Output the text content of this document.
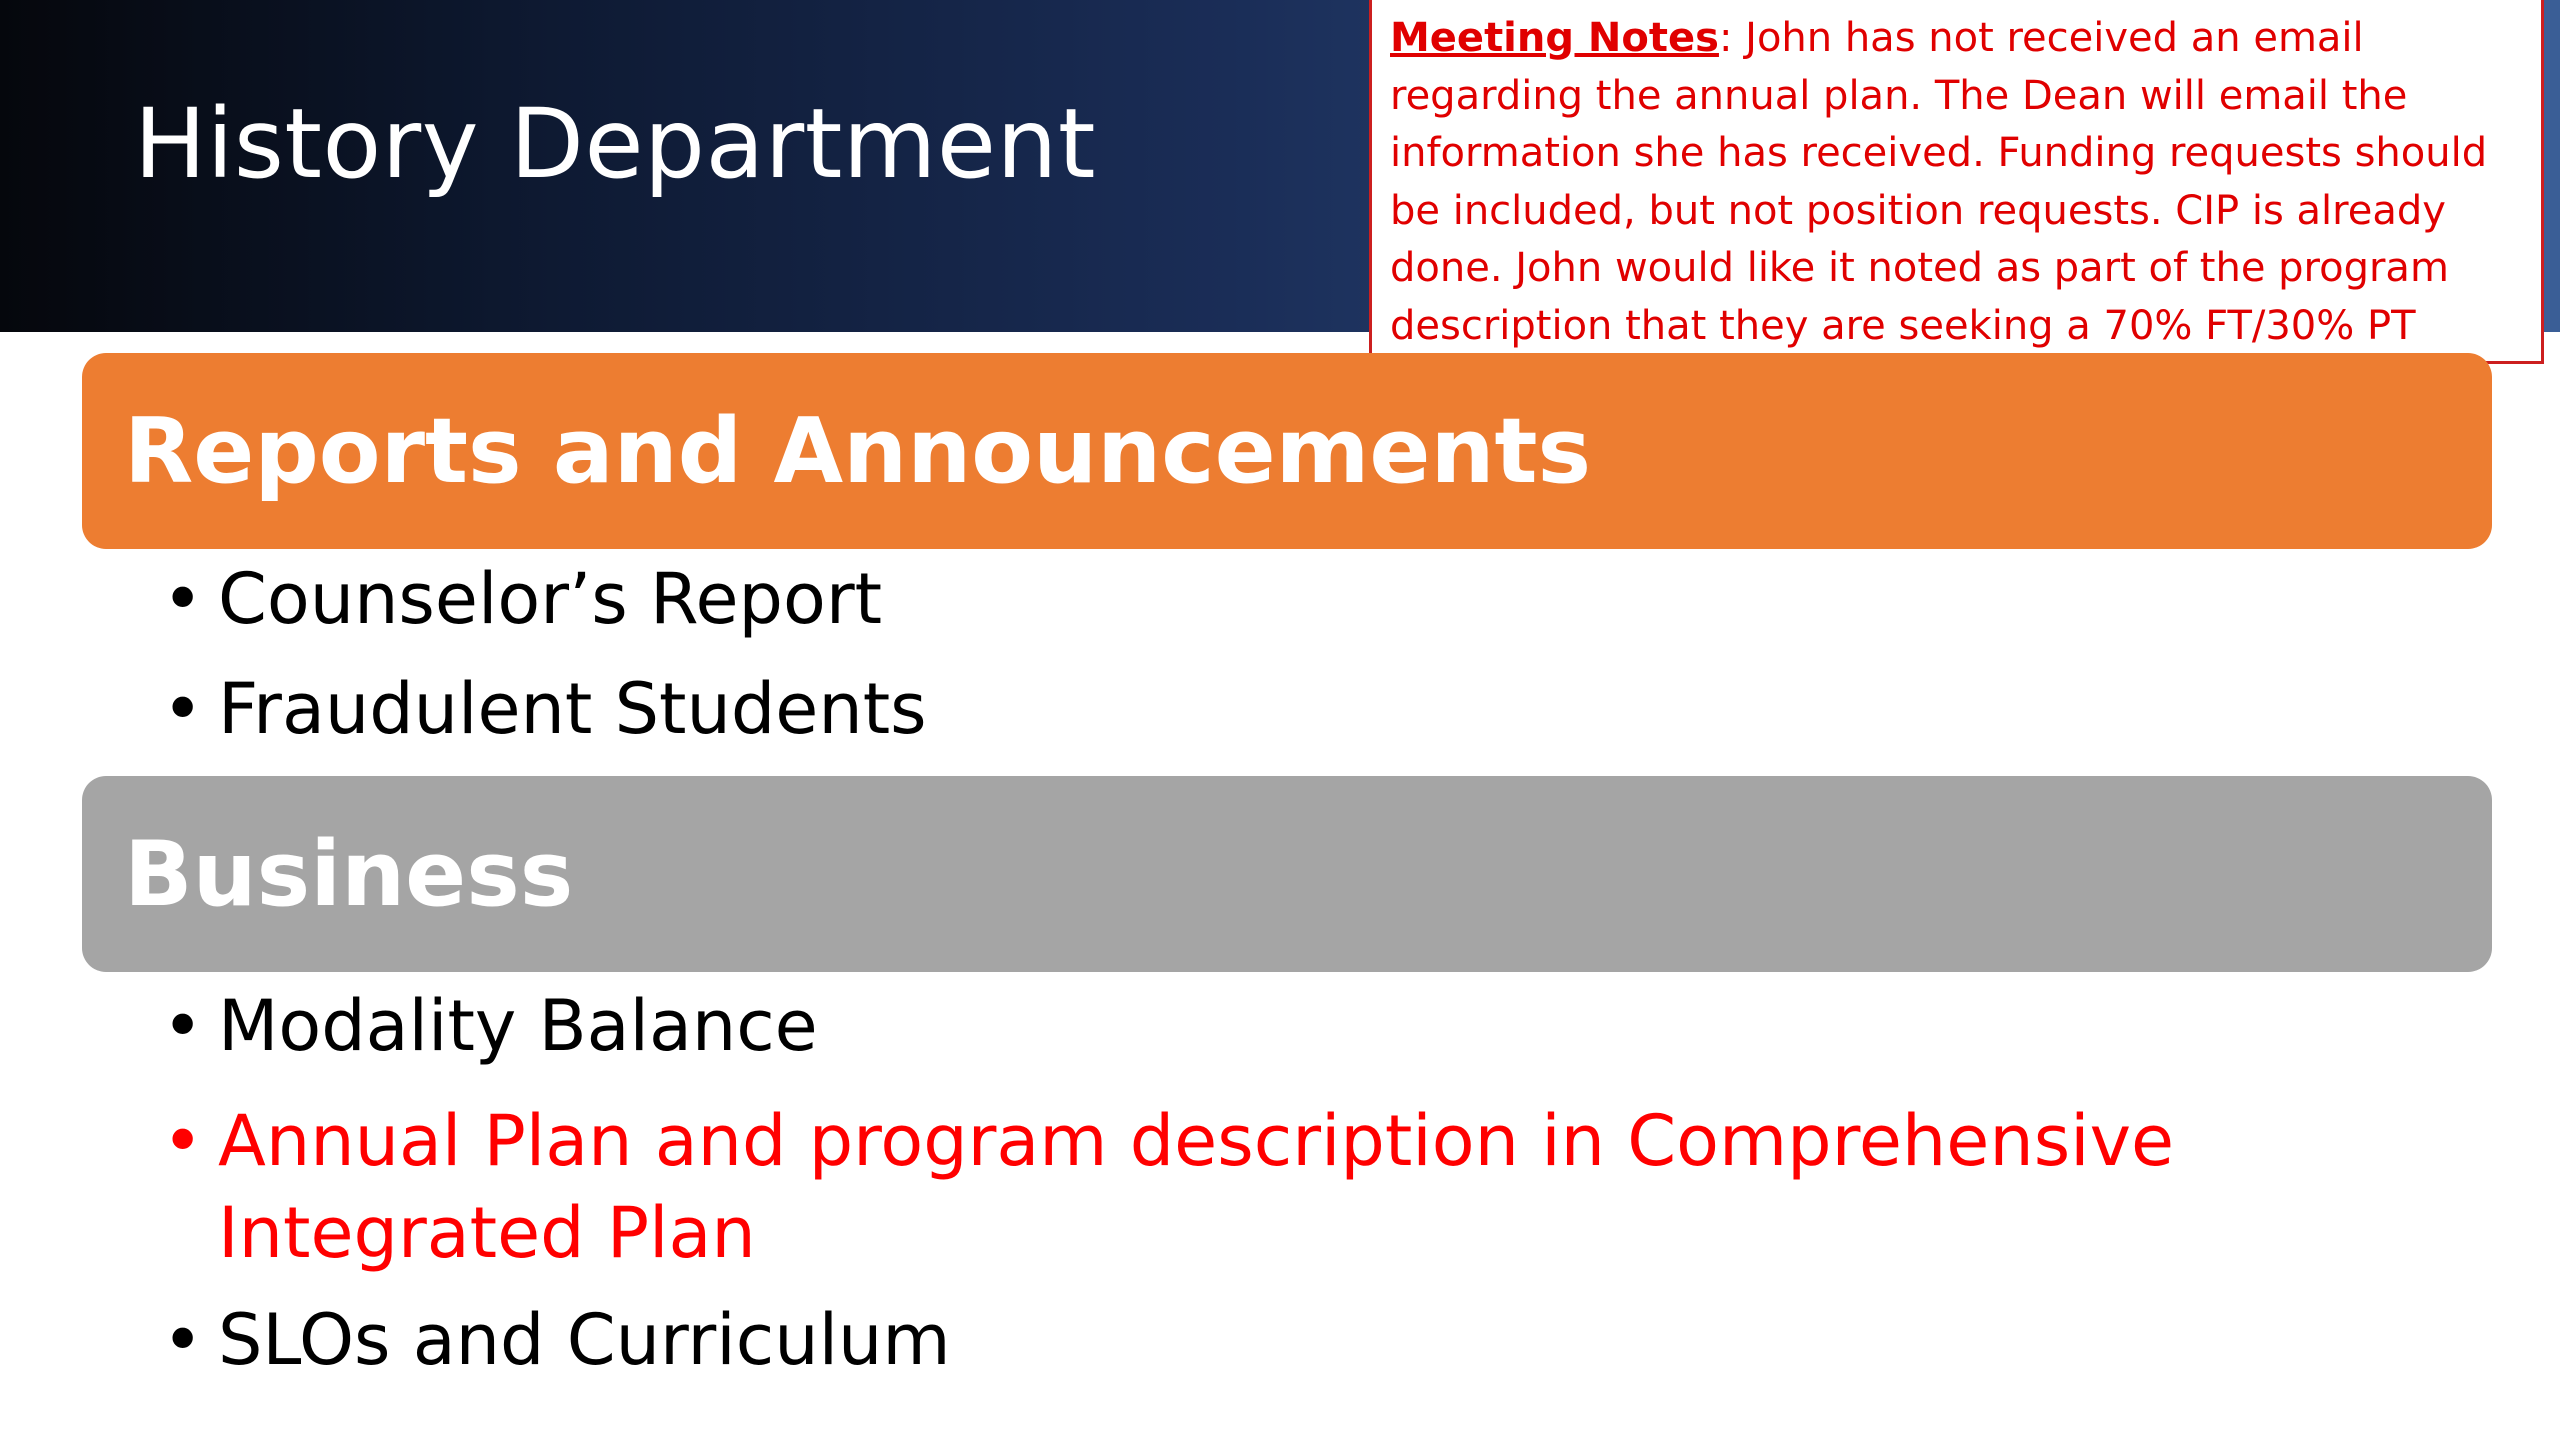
History Department
Meeting Notes: John has not received an email regarding the annual plan. The Dean will email the information she has received. Funding requests should be included, but not position requests. CIP is already done. John would like it noted as part of the program description that they are seeking a 70% FT/30% PT
Reports and Announcements
• Counselor’s Report
• Fraudulent Students
Business
• Modality Balance
• Annual Plan and program description in Comprehensive Integrated Plan
• SLOs and Curriculum
